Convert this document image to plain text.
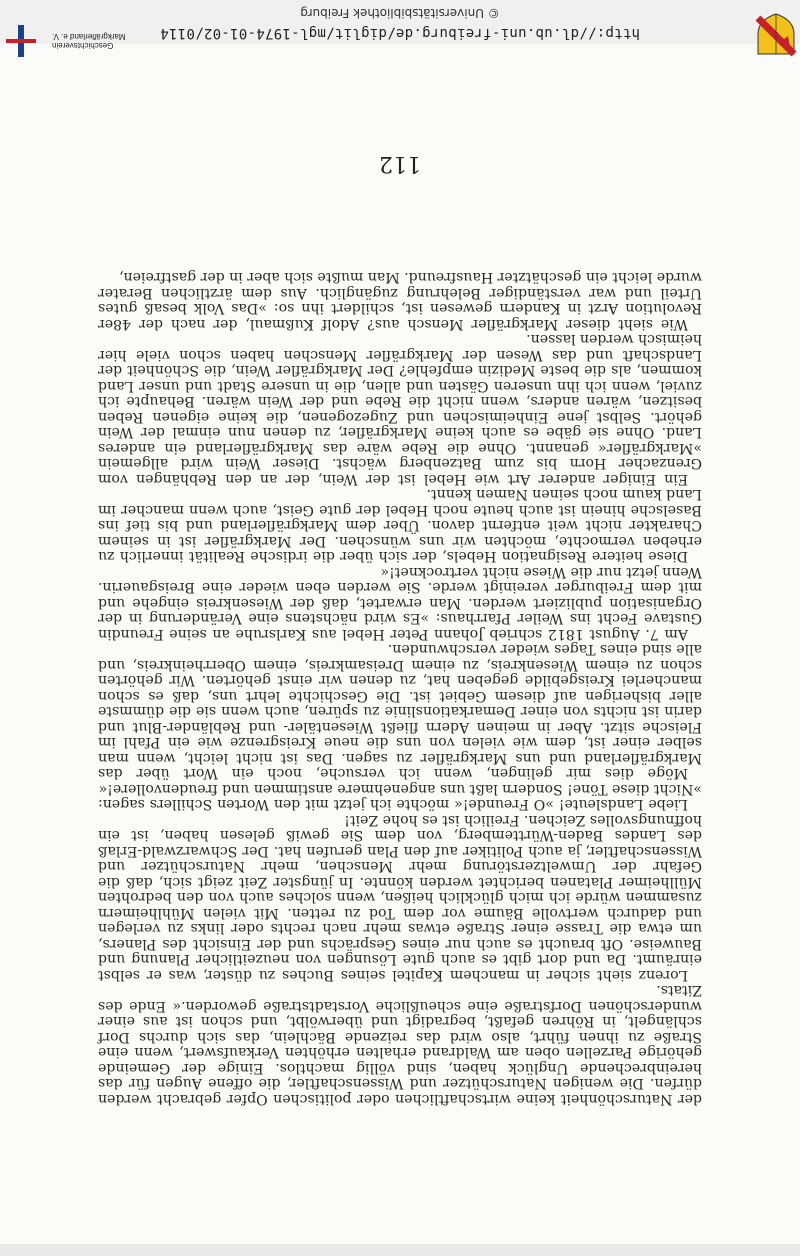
http://dl.ub.uni-freiburg.de/diglit/mgl-1974-01-02/0114
© Universitätsbibliothek Freiburg
Geschichtsverein Markgräflerland e. V.

der Naturschönheit keine wirtschaftlichen oder politischen Opfer gebracht werden dürfen. Die wenigen Naturschützer und Wissenschaftler, die offene Augen für das hereinbrechende Unglück haben, sind völlig machtlos. Einige der Gemeinde gehörige Parzellen oben am Waldrand erhalten erhöhten Verkaufswert, wenn eine Straße zu ihnen führt, also wird das reizende Bächlein, das sich durchs Dorf schlängelt, in Röhren gefaßt, begradigt und überwölbt, und schon ist aus einer wunderschönen Dorfstraße eine scheußliche Vorstadtstraße geworden.« Ende des Zitats.

Lorenz sieht sicher in manchem Kapitel seines Buches zu düster, was er selbst einräumt. Da und dort gibt es auch gute Lösungen von neuzeitlicher Planung und Bauweise. Oft braucht es auch nur eines Gesprächs und der Einsicht des Planers, um etwa die Trasse einer Straße etwas mehr nach rechts oder links zu verlegen und dadurch wertvolle Bäume vor dem Tod zu retten. Mit vielen Mühlheimern zusammen würde ich mich glücklich heißen, wenn solches auch von den bedrohten Müllheimer Platanen berichtet werden könnte. In jüngster Zeit zeigt sich, daß die Gefahr der Umweltzerstörung mehr Menschen, mehr Naturschützer und Wissenschaftler, ja auch Politiker auf den Plan gerufen hat. Der Schwarzwald-Erlaß des Landes Baden-Württemberg, von dem Sie gewiß gelesen haben, ist ein hoffnungsvolles Zeichen. Freilich ist es hohe Zeit!

Liebe Landsleute! »O Freunde!« möchte ich jetzt mit den Worten Schillers sagen: »Nicht diese Töne! Sondern laßt uns angenehmere anstimmen und freudenvollere!«

Möge dies mir gelingen, wenn ich versuche, noch ein Wort über das Markgräflerland und uns Markgräfler zu sagen. Das ist nicht leicht, wenn man selber einer ist, dem wie vielen von uns die neue Kreisgrenze wie ein Pfahl im Fleische sitzt. Aber in meinen Adern fließt Wiesentäler- und Rebländer-Blut und darin ist nichts von einer Demarkationslinie zu spüren, auch wenn sie die dümmste aller bisherigen auf diesem Gebiet ist. Die Geschichte lehrt uns, daß es schon mancherlei Kreisgebilde gegeben hat, zu denen wir einst gehörten. Wir gehörten schon zu einem Wiesenkreis, zu einem Dreisamkreis, einem Oberrheinkreis, und alle sind eines Tages wieder verschwunden.

Am 7. August 1812 schrieb Johann Peter Hebel aus Karlsruhe an seine Freundin Gustave Fecht ins Weiler Pfarrhaus: »Es wird nächstens eine Veränderung in der Organisation publiziert werden. Man erwartet, daß der Wiesenkreis eingehe und mit dem Freiburger vereinigt werde. Sie werden eben wieder eine Breisgauerin. Wenn jetzt nur die Wiese nicht vertrocknet!«

Diese heitere Resignation Hebels, der sich über die irdische Realität innerlich zu erheben vermochte, möchten wir uns wünschen. Der Markgräfler ist in seinem Charakter nicht weit entfernt davon. Über dem Markgräflerland und bis tief ins Baselsche hinein ist auch heute noch Hebel der gute Geist, auch wenn mancher im Land kaum noch seinen Namen kennt.

Ein Einiger anderer Art wie Hebel ist der Wein, der an den Rebhängen vom Grenzacher Horn bis zum Batzenberg wächst. Dieser Wein wird allgemein »Markgräfler« genannt. Ohne die Rebe wäre das Markgräflerland ein anderes Land. Ohne sie gäbe es auch keine Markgräfler, zu denen nun einmal der Wein gehört. Selbst jene Einheimischen und Zugezogenen, die keine eigenen Reben besitzen, wären anders, wenn nicht die Rebe und der Wein wären. Behaupte ich zuviel, wenn ich ihn unseren Gästen und allen, die in unsere Stadt und unser Land kommen, als die beste Medizin empfehle? Der Markgräfler Wein, die Schönheit der Landschaft und das Wesen der Markgräfler Menschen haben schon viele hier heimisch werden lassen.

Wie sieht dieser Markgräfler Mensch aus? Adolf Kußmaul, der nach der 48er Revolution Arzt in Kandern gewesen ist, schildert ihn so: »Das Volk besaß gutes Urteil und war verständiger Belehrung zugänglich. Aus dem ärztlichen Berater wurde leicht ein geschätzter Hausfreund. Man mußte sich aber in der gastfreien,

112
